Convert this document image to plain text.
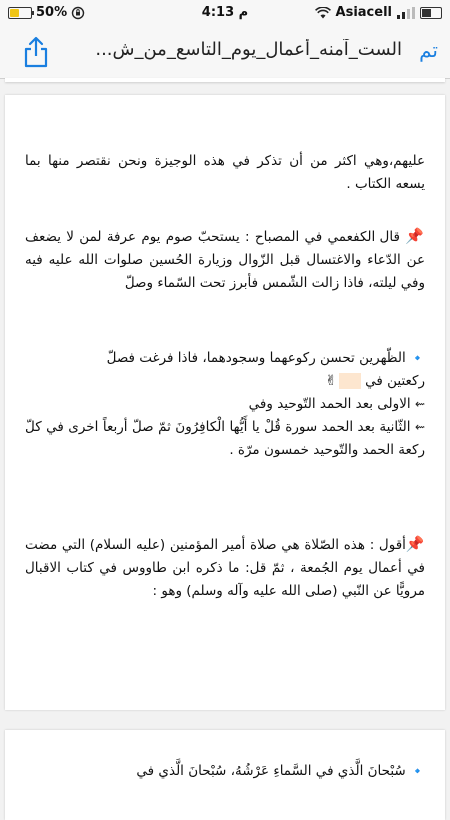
50%	4:13 م	Asiacell
الست_آمنه_أعمال_يوم_التاسع_من_ش... تم

عليهم،وهي اكثر من أن تذكر في هذه الوجيزة ونحن نقتصر منها بما يسعه الكتاب .

📌 قال الكفعمي في المصباح : يستحبّ صوم يوم عرفة لمن لا يضعف عن الدّعاء والاغتسال قبل الزّوال وزيارة الحُسين صلوات الله عليه فيه وفي ليلته، فاذا زالت الشّمس فأبرز تحت السّماء وصلّ

🔹 الظّهرين تحسن ركوعهما وسجودهما، فاذا فرغت فصلّ

ركعتين في ✌

⇜ الاولى بعد الحمد التّوحيد وفي

⇜ الثّانية بعد الحمد سورة قُلْ يا أَيُّها الْكافِرُونَ ثمّ صلّ أربعاً اخرى في كلّ ركعة الحمد والتّوحيد خمسون مرّة .

📌أقول : هذه الصّلاة هي صلاة أمير المؤمنين (عليه السلام) التي مضت في أعمال يوم الجُمعة ، ثمّ قل: ما ذكره ابن طاووس في كتاب الاقبال مرويًّا عن النّبي (صلى الله عليه وآله وسلم) وهو :

🔹 سُبْحانَ الَّذي في السَّماءِ عَرْشُهُ، سُبْحانَ الَّذي في
